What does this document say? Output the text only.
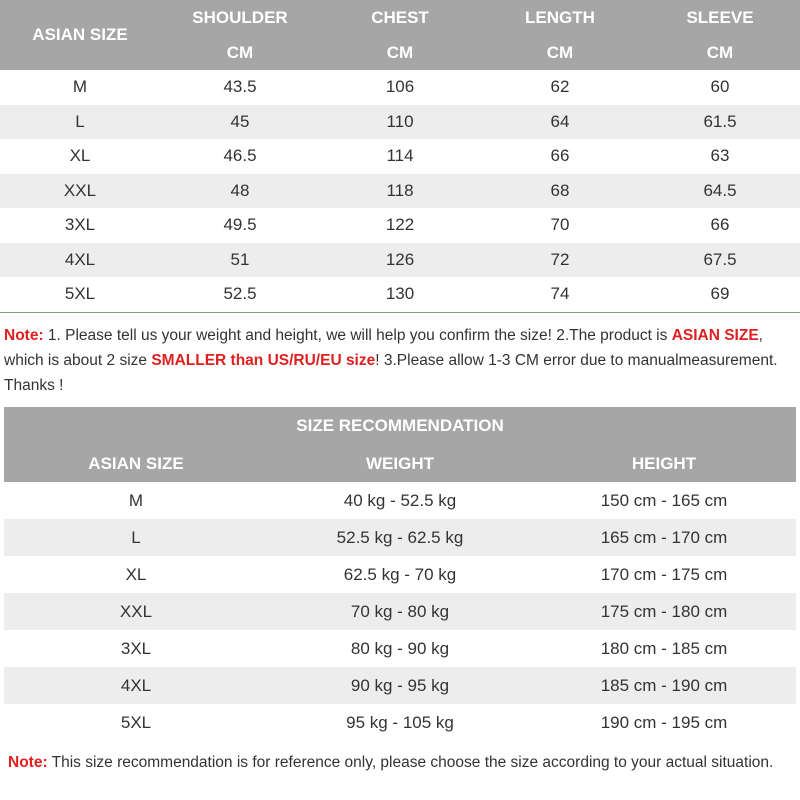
ASIAN SIZE	SHOULDER	CHEST	LENGTH	SLEEVE
	CM	CM	CM	CM
M	43.5	106	62	60
L	45	110	64	61.5
XL	46.5	114	66	63
XXL	48	118	68	64.5
3XL	49.5	122	70	66
4XL	51	126	72	67.5
5XL	52.5	130	74	69
Note: 1. Please tell us your weight and height, we will help you confirm the size! 2.The product is ASIAN SIZE, which is about 2 size SMALLER than US/RU/EU size! 3.Please allow 1-3 CM error due to manualmeasurement. Thanks !
SIZE RECOMMENDATION		
ASIAN SIZE	WEIGHT	HEIGHT
M	40 kg - 52.5 kg	150 cm - 165 cm
L	52.5 kg - 62.5 kg	165 cm - 170 cm
XL	62.5 kg - 70 kg	170 cm - 175 cm
XXL	70 kg - 80 kg	175 cm - 180 cm
3XL	80 kg - 90 kg	180 cm - 185 cm
4XL	90 kg - 95 kg	185 cm - 190 cm
5XL	95 kg - 105 kg	190 cm - 195 cm
Note: This size recommendation is for reference only, please choose the size according to your actual situation.
